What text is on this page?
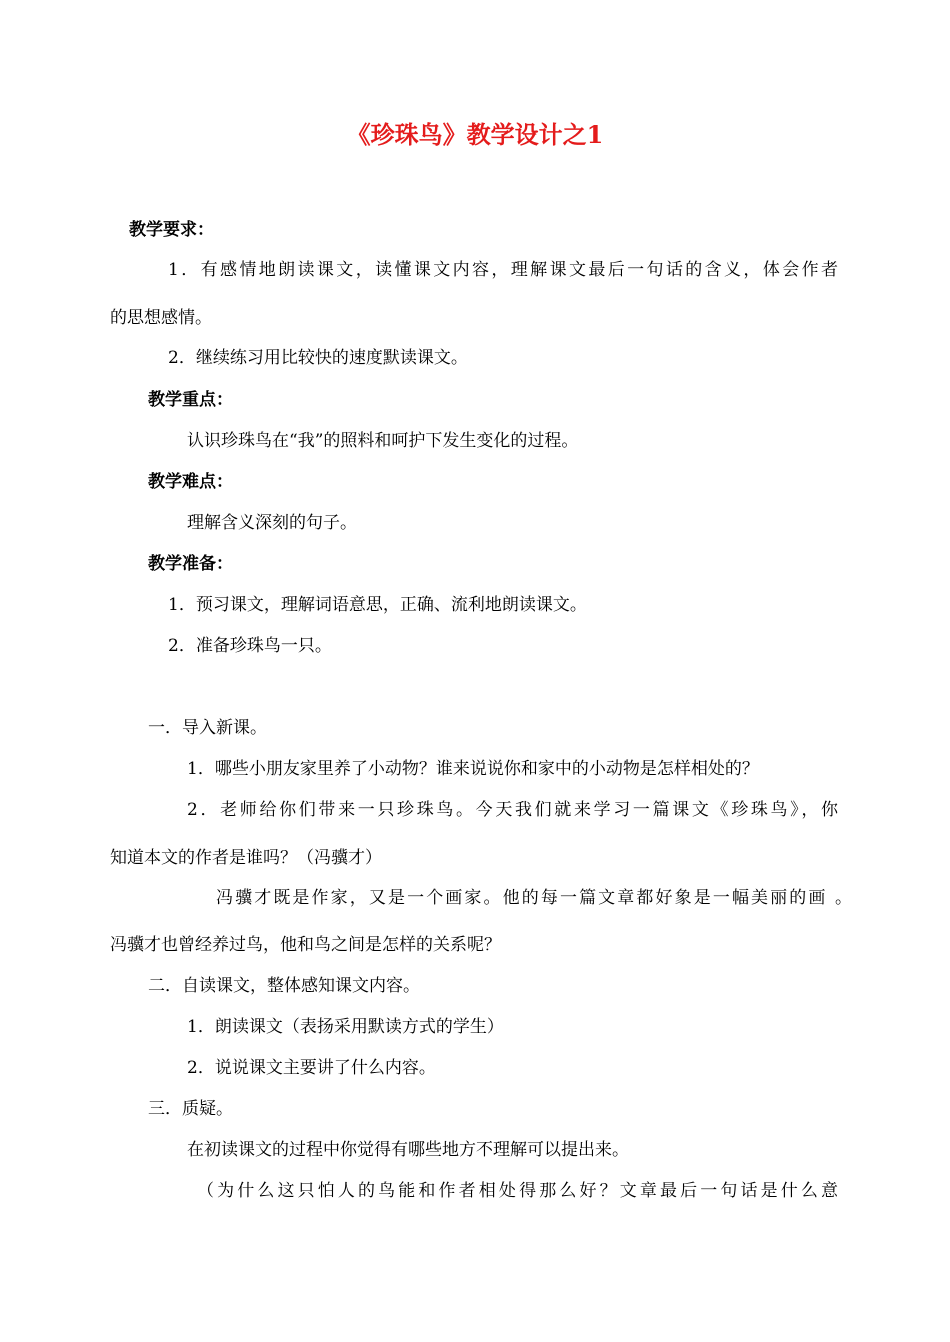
《珍珠鸟》教学设计之1
教学要求：
1．有感情地朗读课文，读懂课文内容，理解课文最后一句话的含义，体会作者
的思想感情。
2．继续练习用比较快的速度默读课文。
教学重点：
认识珍珠鸟在“我”的照料和呵护下发生变化的过程。
教学难点：
理解含义深刻的句子。
教学准备：
1．预习课文，理解词语意思，正确、流利地朗读课文。
2．准备珍珠鸟一只。
一．导入新课。
1．哪些小朋友家里养了小动物？谁来说说你和家中的小动物是怎样相处的？
2．老师给你们带来一只珍珠鸟。今天我们就来学习一篇课文《珍珠鸟》，你
知道本文的作者是谁吗？（冯骥才）
冯骥才既是作家，又是一个画家。他的每一篇文章都好象是一幅美丽的画 。
冯骥才也曾经养过鸟，他和鸟之间是怎样的关系呢？
二．自读课文，整体感知课文内容。
1．朗读课文（表扬采用默读方式的学生）
2．说说课文主要讲了什么内容。
三．质疑。
在初读课文的过程中你觉得有哪些地方不理解可以提出来。
（为什么这只怕人的鸟能和作者相处得那么好？文章最后一句话是什么意
